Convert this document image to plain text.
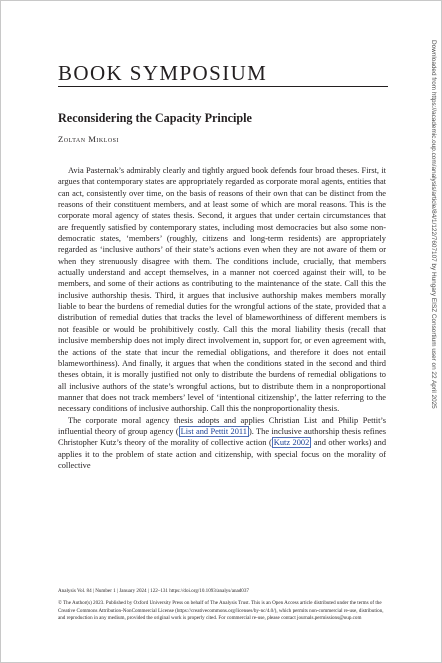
BOOK SYMPOSIUM
Reconsidering the Capacity Principle
Zoltan Miklosi

Avia Pasternak’s admirably clearly and tightly argued book defends four broad theses. First, it argues that contemporary states are appropriately regarded as corporate moral agents, entities that can act, consistently over time, on the basis of reasons of their own that can be distinct from the reasons of their constituent members, and at least some of which are moral reasons. This is the corporate moral agency of states thesis. Second, it argues that under certain circumstances that are frequently satisfied by contemporary states, including most democracies but also some non-democratic states, ‘members’ (roughly, citizens and long-term residents) are appropriately regarded as ‘inclusive authors’ of their state’s actions even when they are not aware of them or when they strenuously disagree with them. The conditions include, crucially, that members actually understand and accept themselves, in a manner not coerced against their will, to be members, and some of their actions as contributing to the maintenance of the state. Call this the inclusive authorship thesis. Third, it argues that inclusive authorship makes members morally liable to bear the burdens of remedial duties for the wrongful actions of the state, provided that a distribution of remedial duties that tracks the level of blameworthiness of different members is not feasible or would be prohibitively costly. Call this the moral liability thesis (recall that inclusive membership does not imply direct involvement in, support for, or even agreement with, the actions of the state that incur the remedial obligations, and therefore it does not entail blameworthiness). And finally, it argues that when the conditions stated in the second and third theses obtain, it is morally justified not only to distribute the burdens of remedial obligations to all inclusive authors of the state’s wrongful actions, but to distribute them in a nonproportional manner that does not track members’ level of ‘intentional citizenship’, the latter referring to the necessary conditions of inclusive authorship. Call this the nonproportionality thesis.

The corporate moral agency thesis adopts and applies Christian List and Philip Pettit’s influential theory of group agency ( List and Pettit 2011 ). The inclusive authorship thesis refines Christopher Kutz’s theory of the morality of collective action ( Kutz 2002 and other works) and applies it to the problem of state action and citizenship, with special focus on the morality of collective

Analysis Vol. 84 | Number 1 | January 2024 | 122–131 https://doi.org/10.1093/analys/anad037
© The Author(s) 2023. Published by Oxford University Press on behalf of The Analysis Trust. This is an Open Access article distributed under the terms of the Creative Commons Attribution-NonCommercial License (https://creativecommons.org/licenses/by-nc/4.0/), which permits non-commercial re-use, distribution, and reproduction in any medium, provided the original work is properly cited. For commercial re-use, please contact journals.permissions@oup.com
Downloaded from https://academic.oup.com/analysis/article/84/1/122/7607107 by Hungary EISZ Consortium user on 22 April 2025
